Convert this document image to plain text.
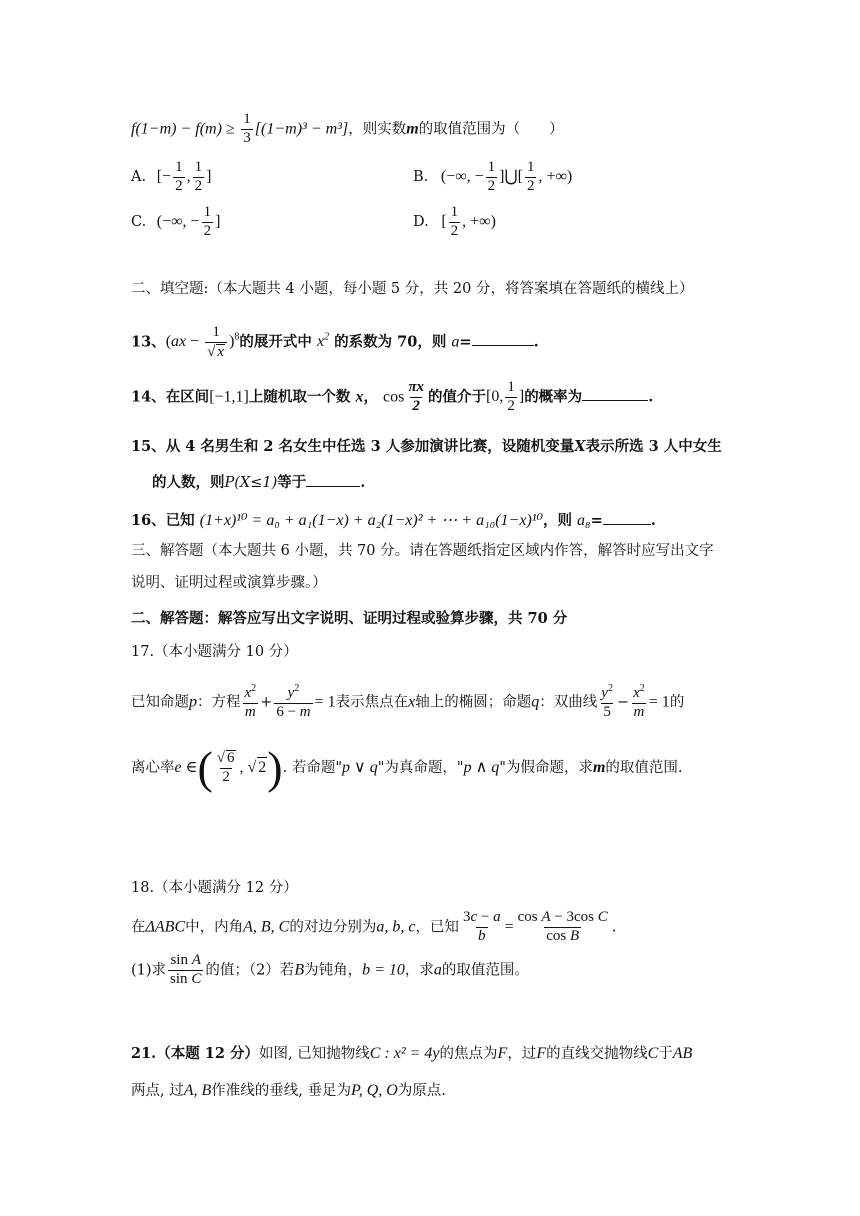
$f(1-m) - f(m) \ge \frac{1}{3} [(1-m)^3 - m^3]$，则实数m的取值范围为（　　）
A. [− $\frac{1}{2}$ , $\frac{1}{2}$ ]	B. (−∞, − $\frac{1}{2}$ ]⋃[ $\frac{1}{2}$ , +∞)
C. (−∞, − $\frac{1}{2}$ ]	D. [ $\frac{1}{2}$ , +∞)
二、填空题:（本大题共 4 小题，每小题 5 分，共 20 分，将答案填在答题纸的横线上）
13、$(ax - \frac{1}{√ x} )^8$的展开式中 $x^2$ 的系数为 70，则 a=	.
14、在区间[−1,1]上随机取一个数 x， $\cos \frac{\pi x}{2}$ 的值介于[0, $\frac{1}{2}$ ]的概率为	.
15、从 4 名男生和 2 名女生中任选 3 人参加演讲比赛，设随机变量X表示所选 3 人中女生
的人数，则P(X≤1)等于	.
16、已知 (1+x)¹⁰ = a₀ + a₁(1−x) + a₂(1−x)² + ⋯ + a₁₀(1−x)¹⁰，则 a₈=	.
三、解答题（本大题共 6 小题，共 70 分。请在答题纸指定区域内作答，解答时应写出文字
说明、证明过程或演算步骤。）
二、解答题：解答应写出文字说明、证明过程或验算步骤，共 70 分
17.（本小题满分 10 分）
已知命题p：方程 $\frac{x^2}{m} + \frac{y^2}{6 - m} = 1$表示焦点在x轴上的椭圆；命题q：双曲线 $\frac{y^2}{5} - \frac{x^2}{m} = 1$的
离心率e ∈( $\frac{√ 6}{2}$ , √ 2). 若命题"p ∨ q"为真命题，"p ∧ q"为假命题，求m的取值范围.
18.（本小题满分 12 分）
在ΔABC中，内角A, B, C的对边分别为a, b, c，已知 $\frac{3c - a}{b} = \frac{\text{cos A − 3cos C}}{\text{cos B}}$ .
(1)求 $\frac{\text{sin A}}{\text{sin C}}$ 的值；（2）若B为钝角，b = 10，求a的取值范围。
21.（本题 12 分）如图, 已知抛物线C : x² = 4y的焦点为F，过F的直线交抛物线C于AB
两点, 过A, B作准线的垂线, 垂足为P, Q, O为原点.
